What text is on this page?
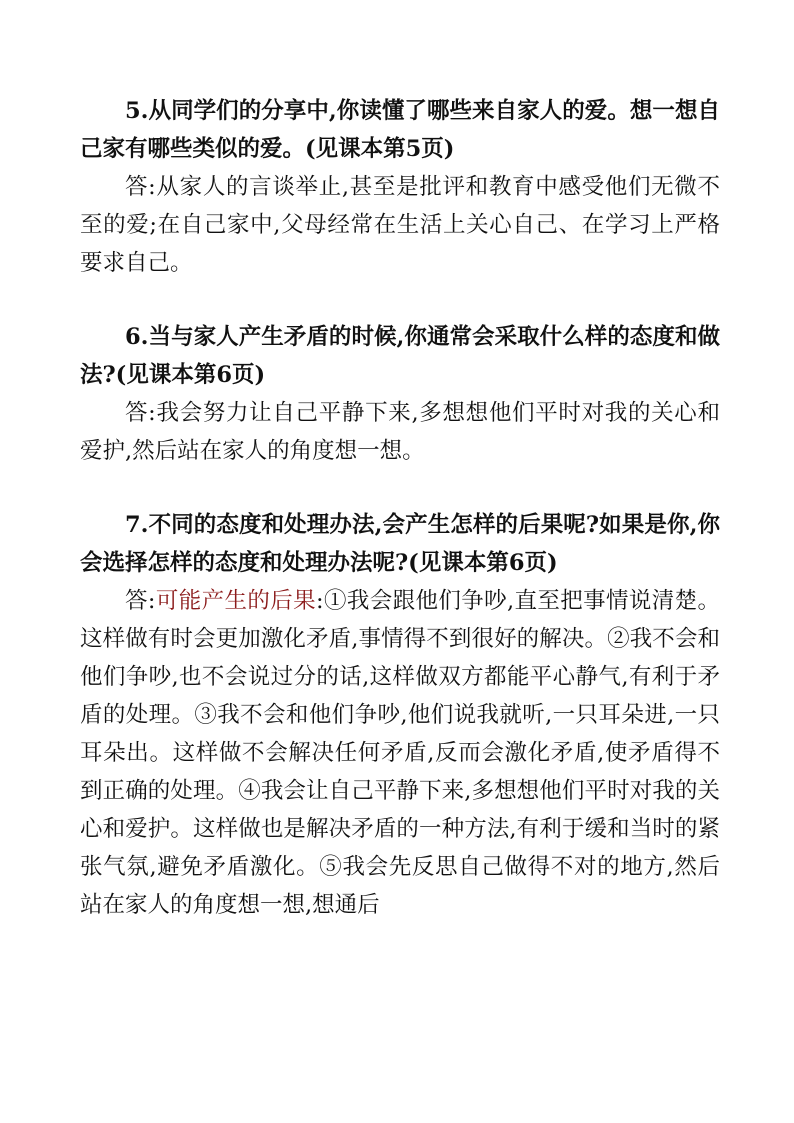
5.从同学们的分享中,你读懂了哪些来自家人的爱。想一想自己家有哪些类似的爱。(见课本第5页)

答:从家人的言谈举止,甚至是批评和教育中感受他们无微不至的爱;在自己家中,父母经常在生活上关心自己、在学习上严格要求自己。

6.当与家人产生矛盾的时候,你通常会采取什么样的态度和做法?(见课本第6页)

答:我会努力让自己平静下来,多想想他们平时对我的关心和爱护,然后站在家人的角度想一想。

7.不同的态度和处理办法,会产生怎样的后果呢?如果是你,你会选择怎样的态度和处理办法呢?(见课本第6页)

答:可能产生的后果:①我会跟他们争吵,直至把事情说清楚。这样做有时会更加激化矛盾,事情得不到很好的解决。②我不会和他们争吵,也不会说过分的话,这样做双方都能平心静气,有利于矛盾的处理。③我不会和他们争吵,他们说我就听,一只耳朵进,一只耳朵出。这样做不会解决任何矛盾,反而会激化矛盾,使矛盾得不到正确的处理。④我会让自己平静下来,多想想他们平时对我的关心和爱护。这样做也是解决矛盾的一种方法,有利于缓和当时的紧张气氛,避免矛盾激化。⑤我会先反思自己做得不对的地方,然后站在家人的角度想一想,想通后
